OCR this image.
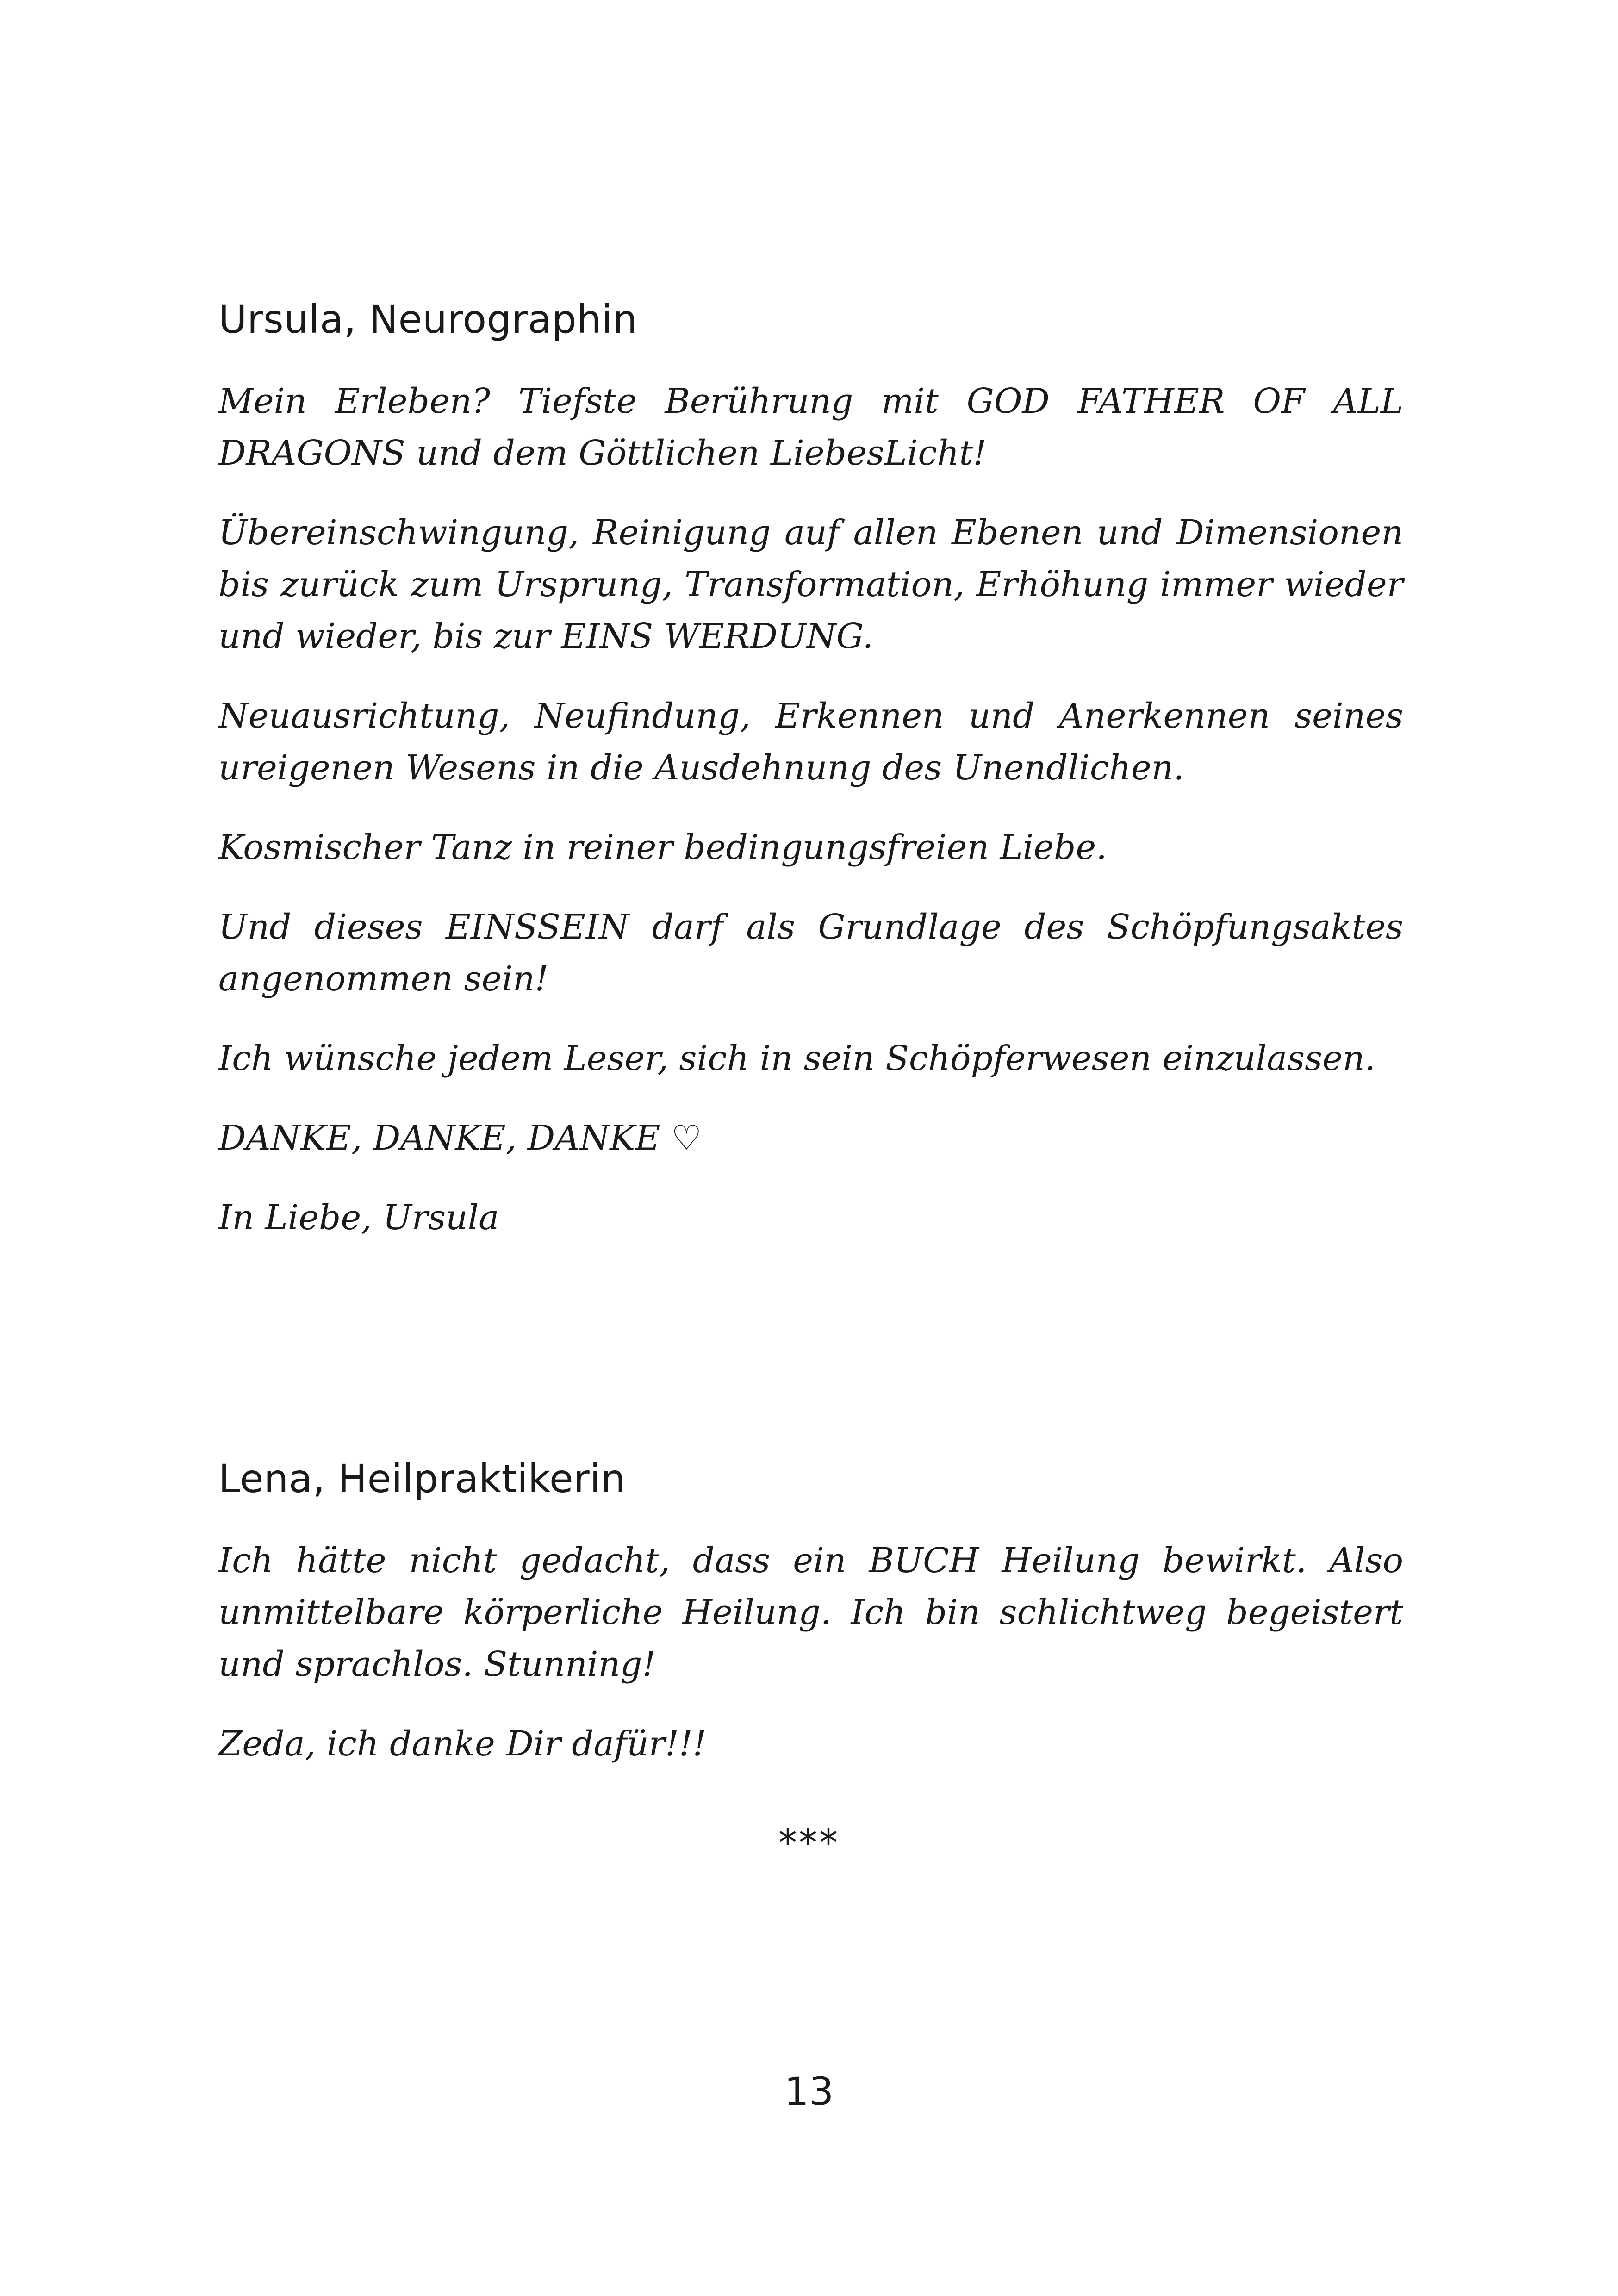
Ursula, Neurographin

Mein Erleben? Tiefste Berührung mit GOD FATHER OF ALL DRAGONS und dem Göttlichen LiebesLicht!

Übereinschwingung, Reinigung auf allen Ebenen und Dimensionen bis zurück zum Ursprung, Transformation, Erhöhung immer wieder und wieder, bis zur EINS WERDUNG.

Neuausrichtung, Neufindung, Erkennen und Anerkennen seines ureigenen Wesens in die Ausdehnung des Unendlichen.

Kosmischer Tanz in reiner bedingungsfreien Liebe.

Und dieses EINSSEIN darf als Grundlage des Schöpfungsaktes angenommen sein!

Ich wünsche jedem Leser, sich in sein Schöpferwesen einzulassen.

DANKE, DANKE, DANKE ♡

In Liebe, Ursula

Lena, Heilpraktikerin

Ich hätte nicht gedacht, dass ein BUCH Heilung bewirkt. Also unmittelbare körperliche Heilung. Ich bin schlichtweg begeistert und sprachlos. Stunning!

Zeda, ich danke Dir dafür!!!

***
13
